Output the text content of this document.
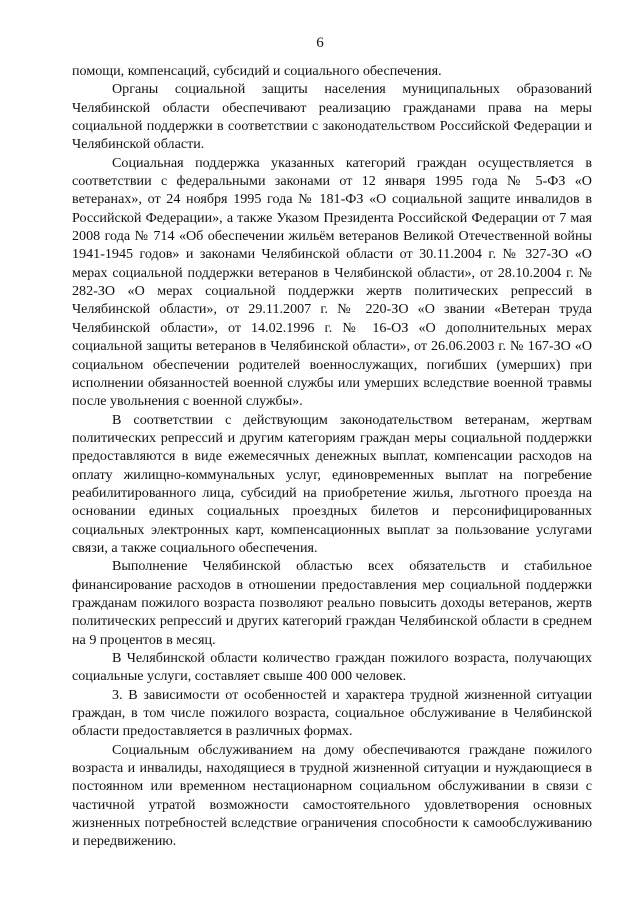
6

помощи, компенсаций, субсидий и социального обеспечения.

Органы социальной защиты населения муниципальных образований Челябинской области обеспечивают реализацию гражданами права на меры социальной поддержки в соответствии с законодательством Российской Федерации и Челябинской области.

Социальная поддержка указанных категорий граждан осуществляется в соответствии с федеральными законами от 12 января 1995 года № 5-ФЗ «О ветеранах», от 24 ноября 1995 года № 181-ФЗ «О социальной защите инвалидов в Российской Федерации», а также Указом Президента Российской Федерации от 7 мая 2008 года № 714 «Об обеспечении жильём ветеранов Великой Отечественной войны 1941-1945 годов» и законами Челябинской области от 30.11.2004 г. № 327-ЗО «О мерах социальной поддержки ветеранов в Челябинской области», от 28.10.2004 г. № 282-ЗО «О мерах социальной поддержки жертв политических репрессий в Челябинской области», от 29.11.2007 г. № 220-ЗО «О звании «Ветеран труда Челябинской области», от 14.02.1996 г. № 16-ОЗ «О дополнительных мерах социальной защиты ветеранов в Челябинской области», от 26.06.2003 г. № 167-ЗО «О социальном обеспечении родителей военнослужащих, погибших (умерших) при исполнении обязанностей военной службы или умерших вследствие военной травмы после увольнения с военной службы».

В соответствии с действующим законодательством ветеранам, жертвам политических репрессий и другим категориям граждан меры социальной поддержки предоставляются в виде ежемесячных денежных выплат, компенсации расходов на оплату жилищно-коммунальных услуг, единовременных выплат на погребение реабилитированного лица, субсидий на приобретение жилья, льготного проезда на основании единых социальных проездных билетов и персонифицированных социальных электронных карт, компенсационных выплат за пользование услугами связи, а также социального обеспечения.

Выполнение Челябинской областью всех обязательств и стабильное финансирование расходов в отношении предоставления мер социальной поддержки гражданам пожилого возраста позволяют реально повысить доходы ветеранов, жертв политических репрессий и других категорий граждан Челябинской области в среднем на 9 процентов в месяц.

В Челябинской области количество граждан пожилого возраста, получающих социальные услуги, составляет свыше 400 000 человек.

3. В зависимости от особенностей и характера трудной жизненной ситуации граждан, в том числе пожилого возраста, социальное обслуживание в Челябинской области предоставляется в различных формах.

Социальным обслуживанием на дому обеспечиваются граждане пожилого возраста и инвалиды, находящиеся в трудной жизненной ситуации и нуждающиеся в постоянном или временном нестационарном социальном обслуживании в связи с частичной утратой возможности самостоятельного удовлетворения основных жизненных потребностей вследствие ограничения способности к самообслуживанию и передвижению.
